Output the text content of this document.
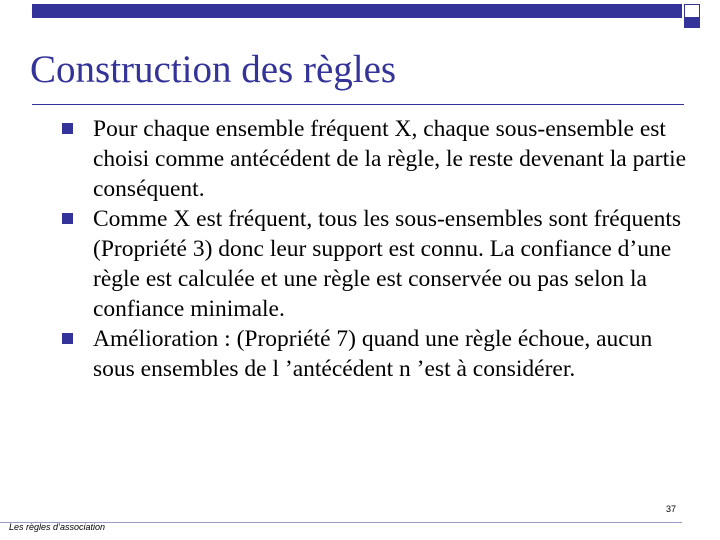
Construction des règles
Pour chaque ensemble fréquent X, chaque sous-ensemble est choisi comme antécédent de la règle, le reste devenant la partie conséquent.
Comme X est fréquent, tous les sous-ensembles sont fréquents (Propriété 3) donc leur support est connu. La confiance d’une règle est calculée et une règle est conservée ou pas selon la confiance minimale.
Amélioration : (Propriété 7) quand une règle échoue, aucun sous ensembles de l ’antécédent n ’est à considérer.
37
Les règles d’association
